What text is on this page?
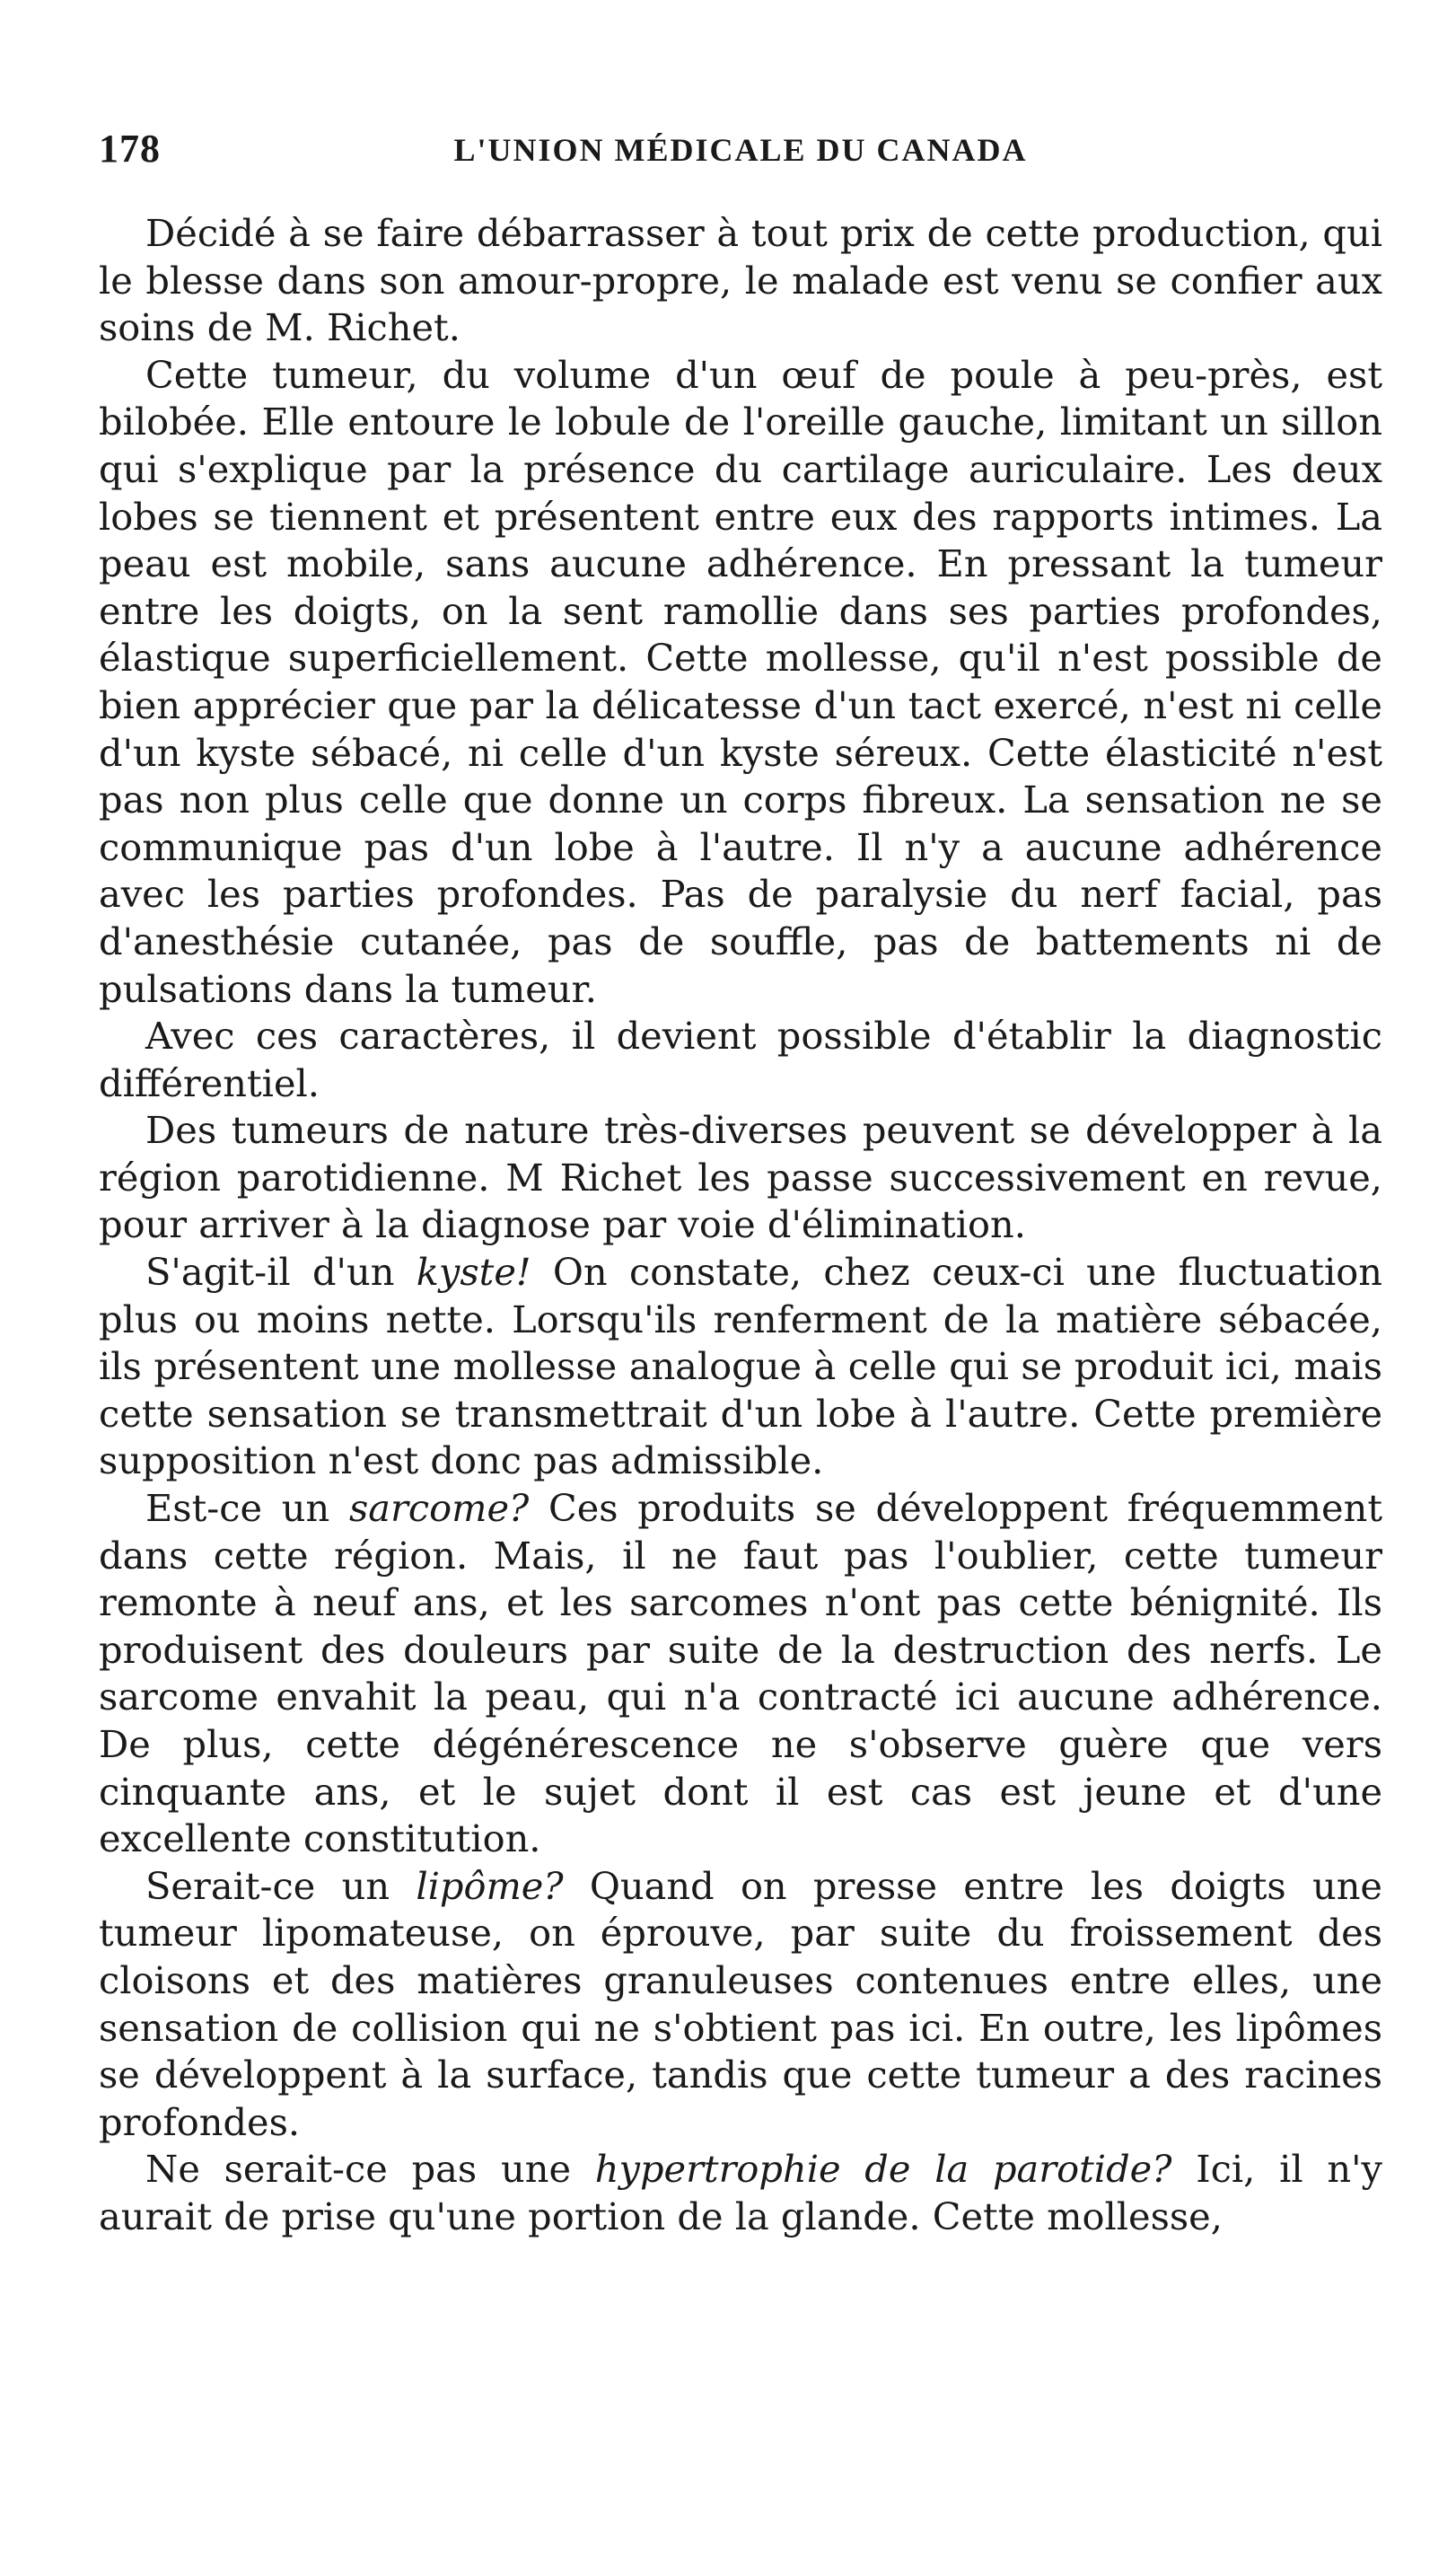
178	L'UNION MÉDICALE DU CANADA

Décidé à se faire débarrasser à tout prix de cette production, qui le blesse dans son amour-propre, le malade est venu se confier aux soins de M. Richet.

Cette tumeur, du volume d'un œuf de poule à peu-près, est bilobée. Elle entoure le lobule de l'oreille gauche, limitant un sillon qui s'explique par la présence du cartilage auriculaire. Les deux lobes se tiennent et présentent entre eux des rapports intimes. La peau est mobile, sans aucune adhérence. En pressant la tumeur entre les doigts, on la sent ramollie dans ses parties profondes, élastique superficiellement. Cette mollesse, qu'il n'est possible de bien apprécier que par la délicatesse d'un tact exercé, n'est ni celle d'un kyste sébacé, ni celle d'un kyste séreux. Cette élasticité n'est pas non plus celle que donne un corps fibreux. La sensation ne se communique pas d'un lobe à l'autre. Il n'y a aucune adhérence avec les parties profondes. Pas de paralysie du nerf facial, pas d'anesthésie cutanée, pas de souffle, pas de battements ni de pulsations dans la tumeur.

Avec ces caractères, il devient possible d'établir la diagnostic différentiel.

Des tumeurs de nature très-diverses peuvent se développer à la région parotidienne. M Richet les passe successivement en revue, pour arriver à la diagnose par voie d'élimination.

S'agit-il d'un kyste! On constate, chez ceux-ci une fluctuation plus ou moins nette. Lorsqu'ils renferment de la matière sébacée, ils présentent une mollesse analogue à celle qui se produit ici, mais cette sensation se transmettrait d'un lobe à l'autre. Cette première supposition n'est donc pas admissible.

Est-ce un sarcome? Ces produits se développent fréquemment dans cette région. Mais, il ne faut pas l'oublier, cette tumeur remonte à neuf ans, et les sarcomes n'ont pas cette bénignité. Ils produisent des douleurs par suite de la destruction des nerfs. Le sarcome envahit la peau, qui n'a contracté ici aucune adhérence. De plus, cette dégénérescence ne s'observe guère que vers cinquante ans, et le sujet dont il est cas est jeune et d'une excellente constitution.

Serait-ce un lipôme? Quand on presse entre les doigts une tumeur lipomateuse, on éprouve, par suite du froissement des cloisons et des matières granuleuses contenues entre elles, une sensation de collision qui ne s'obtient pas ici. En outre, les lipômes se développent à la surface, tandis que cette tumeur a des racines profondes.

Ne serait-ce pas une hypertrophie de la parotide? Ici, il n'y aurait de prise qu'une portion de la glande. Cette mollesse,
